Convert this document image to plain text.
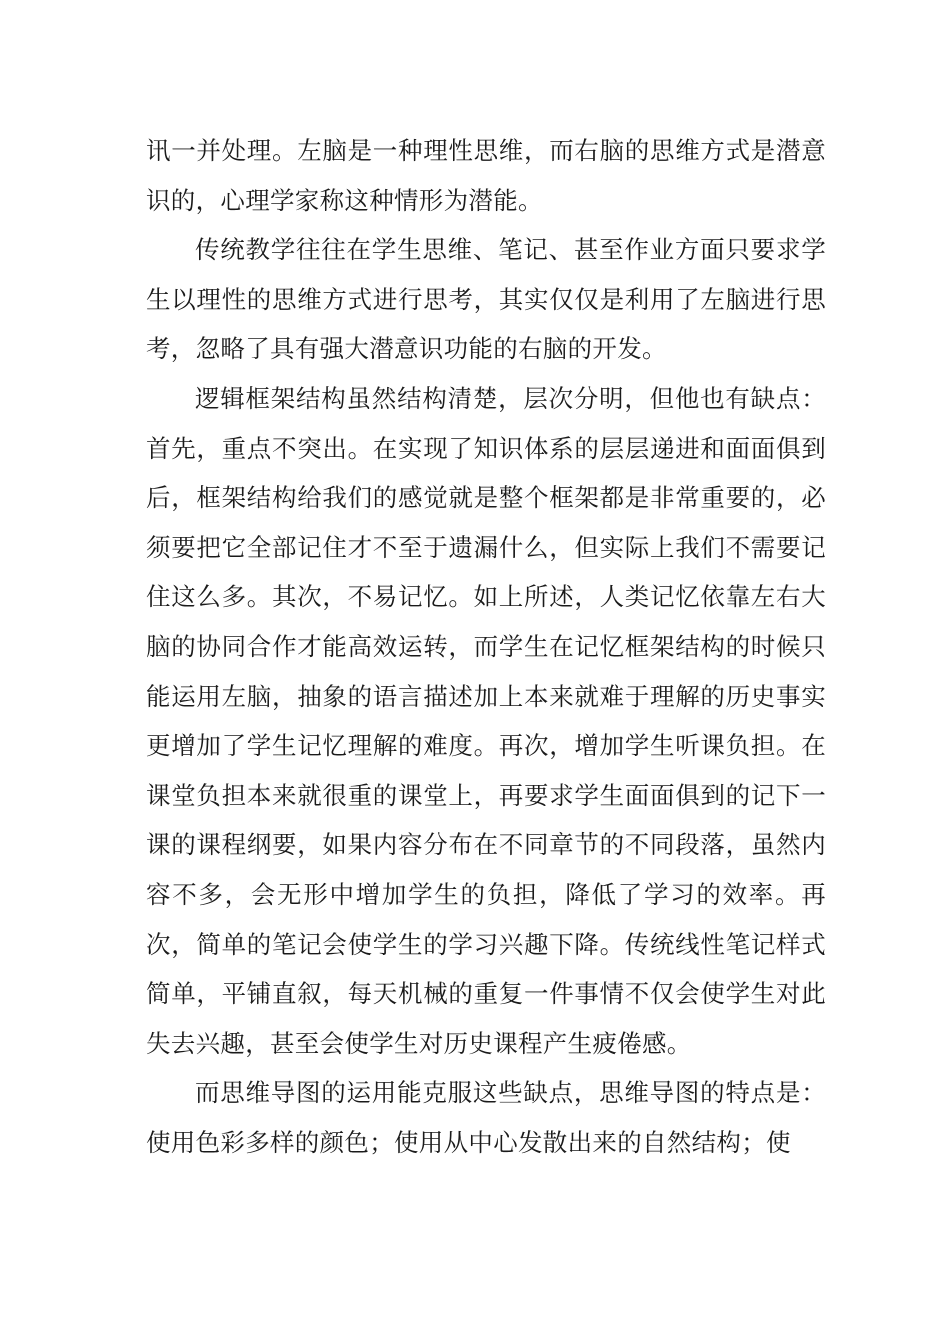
讯一并处理。左脑是一种理性思维，而右脑的思维方式是潜意识的，心理学家称这种情形为潜能。

传统教学往往在学生思维、笔记、甚至作业方面只要求学生以理性的思维方式进行思考，其实仅仅是利用了左脑进行思考，忽略了具有强大潜意识功能的右脑的开发。

逻辑框架结构虽然结构清楚，层次分明，但他也有缺点：首先，重点不突出。在实现了知识体系的层层递进和面面俱到后，框架结构给我们的感觉就是整个框架都是非常重要的，必须要把它全部记住才不至于遗漏什么，但实际上我们不需要记住这么多。其次，不易记忆。如上所述，人类记忆依靠左右大脑的协同合作才能高效运转，而学生在记忆框架结构的时候只能运用左脑，抽象的语言描述加上本来就难于理解的历史事实更增加了学生记忆理解的难度。再次，增加学生听课负担。在课堂负担本来就很重的课堂上，再要求学生面面俱到的记下一课的课程纲要，如果内容分布在不同章节的不同段落，虽然内容不多，会无形中增加学生的负担，降低了学习的效率。再次，简单的笔记会使学生的学习兴趣下降。传统线性笔记样式简单，平铺直叙，每天机械的重复一件事情不仅会使学生对此失去兴趣，甚至会使学生对历史课程产生疲倦感。

而思维导图的运用能克服这些缺点，思维导图的特点是：使用色彩多样的颜色；使用从中心发散出来的自然结构；使
